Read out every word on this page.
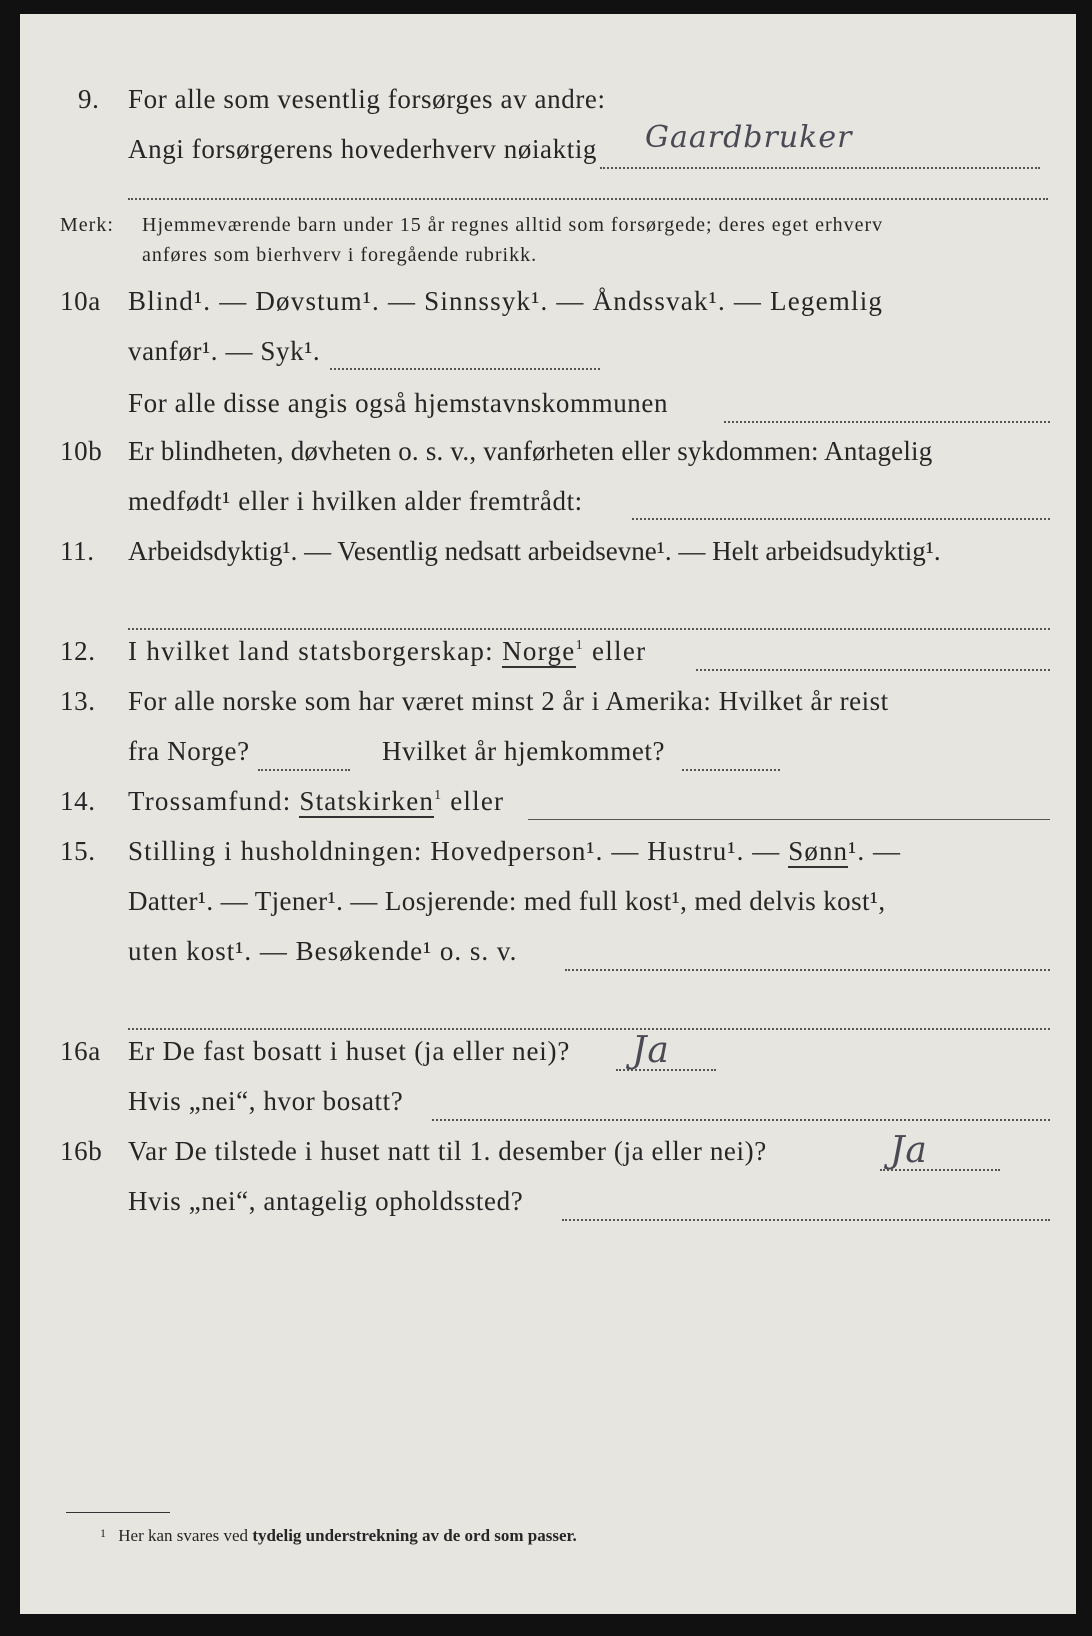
9. For alle som vesentlig forsørges av andre:
Angi forsørgerens hovederhverv nøiaktig Gaardbruker
Merk: Hjemmeværende barn under 15 år regnes alltid som forsørgede; deres eget erhverv
anføres som bierhverv i foregående rubrikk.
10a Blind¹. — Døvstum¹. — Sinnssyk¹. — Åndssvak¹. — Legemlig
vanfør¹. — Syk¹.
For alle disse angis også hjemstavnskommunen
10b Er blindheten, døvheten o. s. v., vanførheten eller sykdommen: Antagelig
medfødt¹ eller i hvilken alder fremtrådt:
11. Arbeidsdyktig¹. — Vesentlig nedsatt arbeidsevne¹. — Helt arbeidsudyktig¹.
12. I hvilket land statsborgerskap: Norge$^1$ eller
13. For alle norske som har været minst 2 år i Amerika: Hvilket år reist
fra Norge?	Hvilket år hjemkommet?
14. Trossamfund: Statskirken$^1$ eller
15. Stilling i husholdningen: Hovedperson¹. — Hustru¹. — Sønn¹. —
Datter¹. — Tjener¹. — Losjerende: med full kost¹, med delvis kost¹,
uten kost¹. — Besøkende¹ o. s. v.
16a Er De fast bosatt i huset (ja eller nei)? Ja
Hvis „nei“, hvor bosatt?
16b Var De tilstede i huset natt til 1. desember (ja eller nei)?	Ja
Hvis „nei“, antagelig opholdssted?
$^1$ Her kan svares ved tydelig understrekning av de ord som passer.
